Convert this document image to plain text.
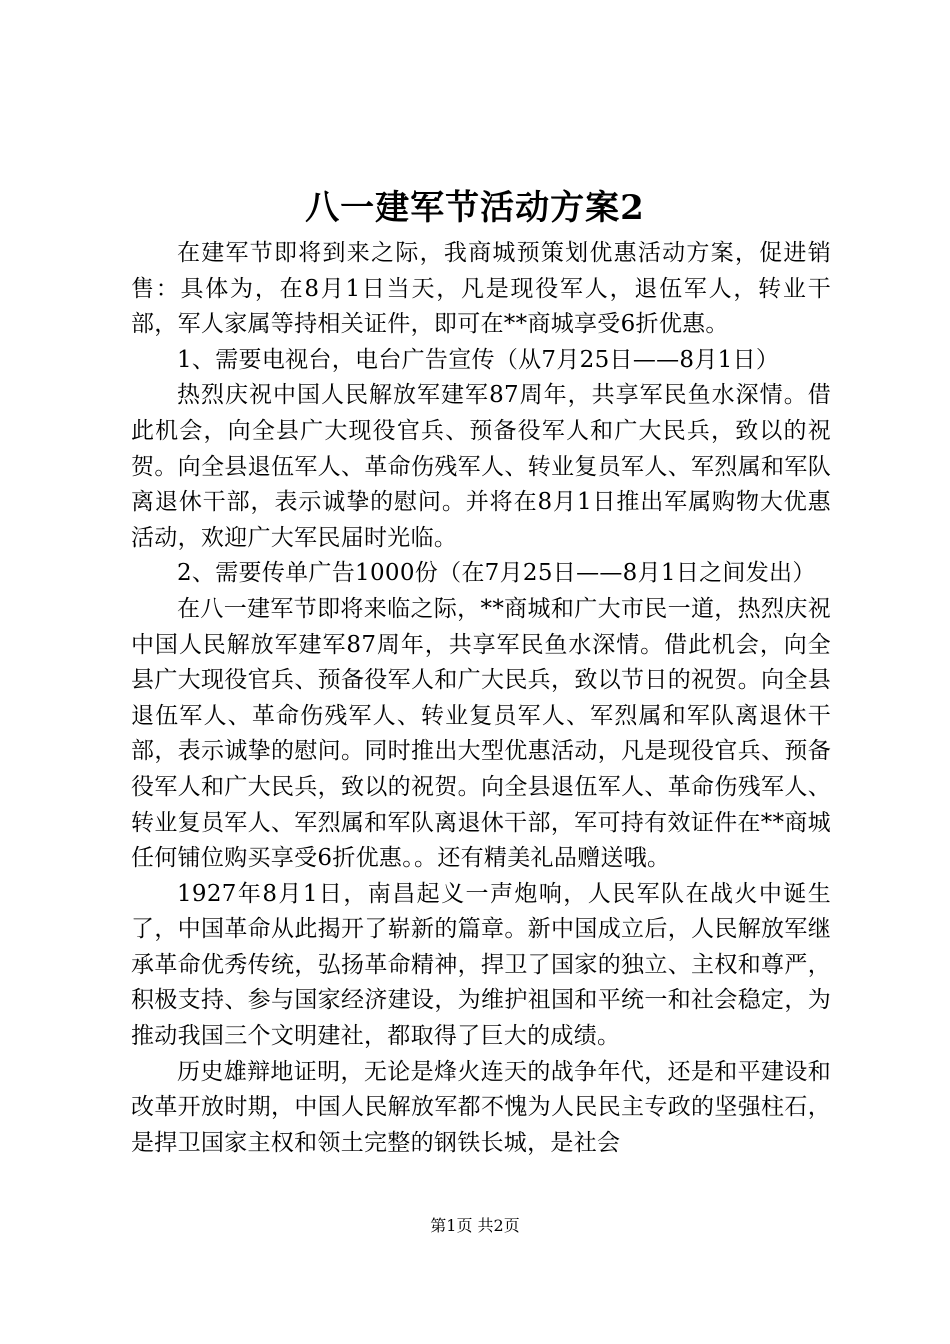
八一建军节活动方案2

在建军节即将到来之际，我商城预策划优惠活动方案，促进销售：具体为，在8月1日当天，凡是现役军人，退伍军人，转业干部，军人家属等持相关证件，即可在**商城享受6折优惠。

1、需要电视台，电台广告宣传（从7月25日——8月1日）

热烈庆祝中国人民解放军建军87周年，共享军民鱼水深情。借此机会，向全县广大现役官兵、预备役军人和广大民兵，致以的祝贺。向全县退伍军人、革命伤残军人、转业复员军人、军烈属和军队离退休干部，表示诚挚的慰问。并将在8月1日推出军属购物大优惠活动，欢迎广大军民届时光临。

2、需要传单广告1000份（在7月25日——8月1日之间发出）

在八一建军节即将来临之际，**商城和广大市民一道，热烈庆祝中国人民解放军建军87周年，共享军民鱼水深情。借此机会，向全县广大现役官兵、预备役军人和广大民兵，致以节日的祝贺。向全县退伍军人、革命伤残军人、转业复员军人、军烈属和军队离退休干部，表示诚挚的慰问。同时推出大型优惠活动，凡是现役官兵、预备役军人和广大民兵，致以的祝贺。向全县退伍军人、革命伤残军人、转业复员军人、军烈属和军队离退休干部，军可持有效证件在**商城任何铺位购买享受6折优惠。。还有精美礼品赠送哦。

1927年8月1日，南昌起义一声炮响，人民军队在战火中诞生了，中国革命从此揭开了崭新的篇章。新中国成立后，人民解放军继承革命优秀传统，弘扬革命精神，捍卫了国家的独立、主权和尊严，积极支持、参与国家经济建设，为维护祖国和平统一和社会稳定，为推动我国三个文明建社，都取得了巨大的成绩。

历史雄辩地证明，无论是烽火连天的战争年代，还是和平建设和改革开放时期，中国人民解放军都不愧为人民民主专政的坚强柱石，是捍卫国家主权和领土完整的钢铁长城，是社会

第1页 共2页
